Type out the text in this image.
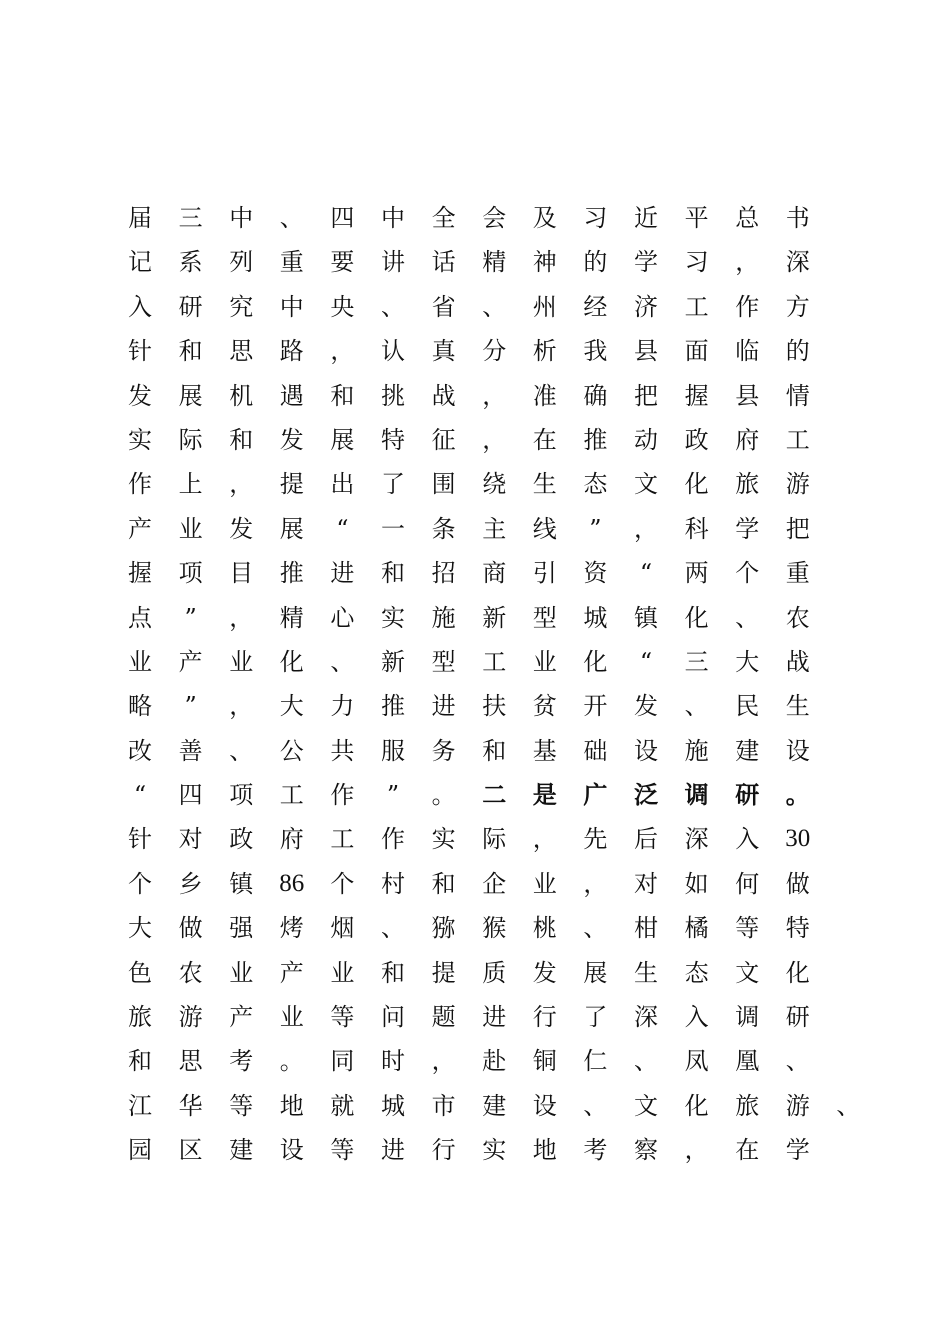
届 三 中 、 四 中 全 会 及 习 近 平 总 书
记 系 列 重 要 讲 话 精 神 的 学 习 ， 深
入 研 究 中 央 、 省 、 州 经 济 工 作 方
针 和 思 路 ， 认 真 分 析 我 县 面 临 的
发 展 机 遇 和 挑 战 ， 准 确 把 握 县 情
实 际 和 发 展 特 征 ， 在 推 动 政 府 工
作 上 ， 提 出 了 围 绕 生 态 文 化 旅 游
产 业 发 展	“	一 条 主 线	”	， 科 学 把
握 项 目 推 进 和 招 商 引 资	“	两 个 重
点	”	， 精 心 实 施 新 型 城 镇 化 、 农
业 产 业 化 、 新 型 工 业 化	“	三 大 战
略	”	， 大 力 推 进 扶 贫 开 发 、 民 生
改 善 、 公 共 服 务 和 基 础 设 施 建 设
“	四 项 工 作	”	。 二 是 广 泛 调 研 。
针 对 政 府 工 作 实 际 ， 先 后 深 入 30
个 乡 镇 86 个 村 和 企 业 ， 对 如 何 做
大 做 强 烤 烟 、 猕 猴 桃 、 柑 橘 等 特
色 农 业 产 业 和 提 质 发 展 生 态 文 化
旅 游 产 业 等 问 题 进 行 了 深 入 调 研
和 思 考 。 同 时 ， 赴 铜 仁 、 凤 凰 、
江 华 等 地 就 城 市 建 设 、 文 化 旅 游 、
园 区 建 设 等 进 行 实 地 考 察 ， 在 学
